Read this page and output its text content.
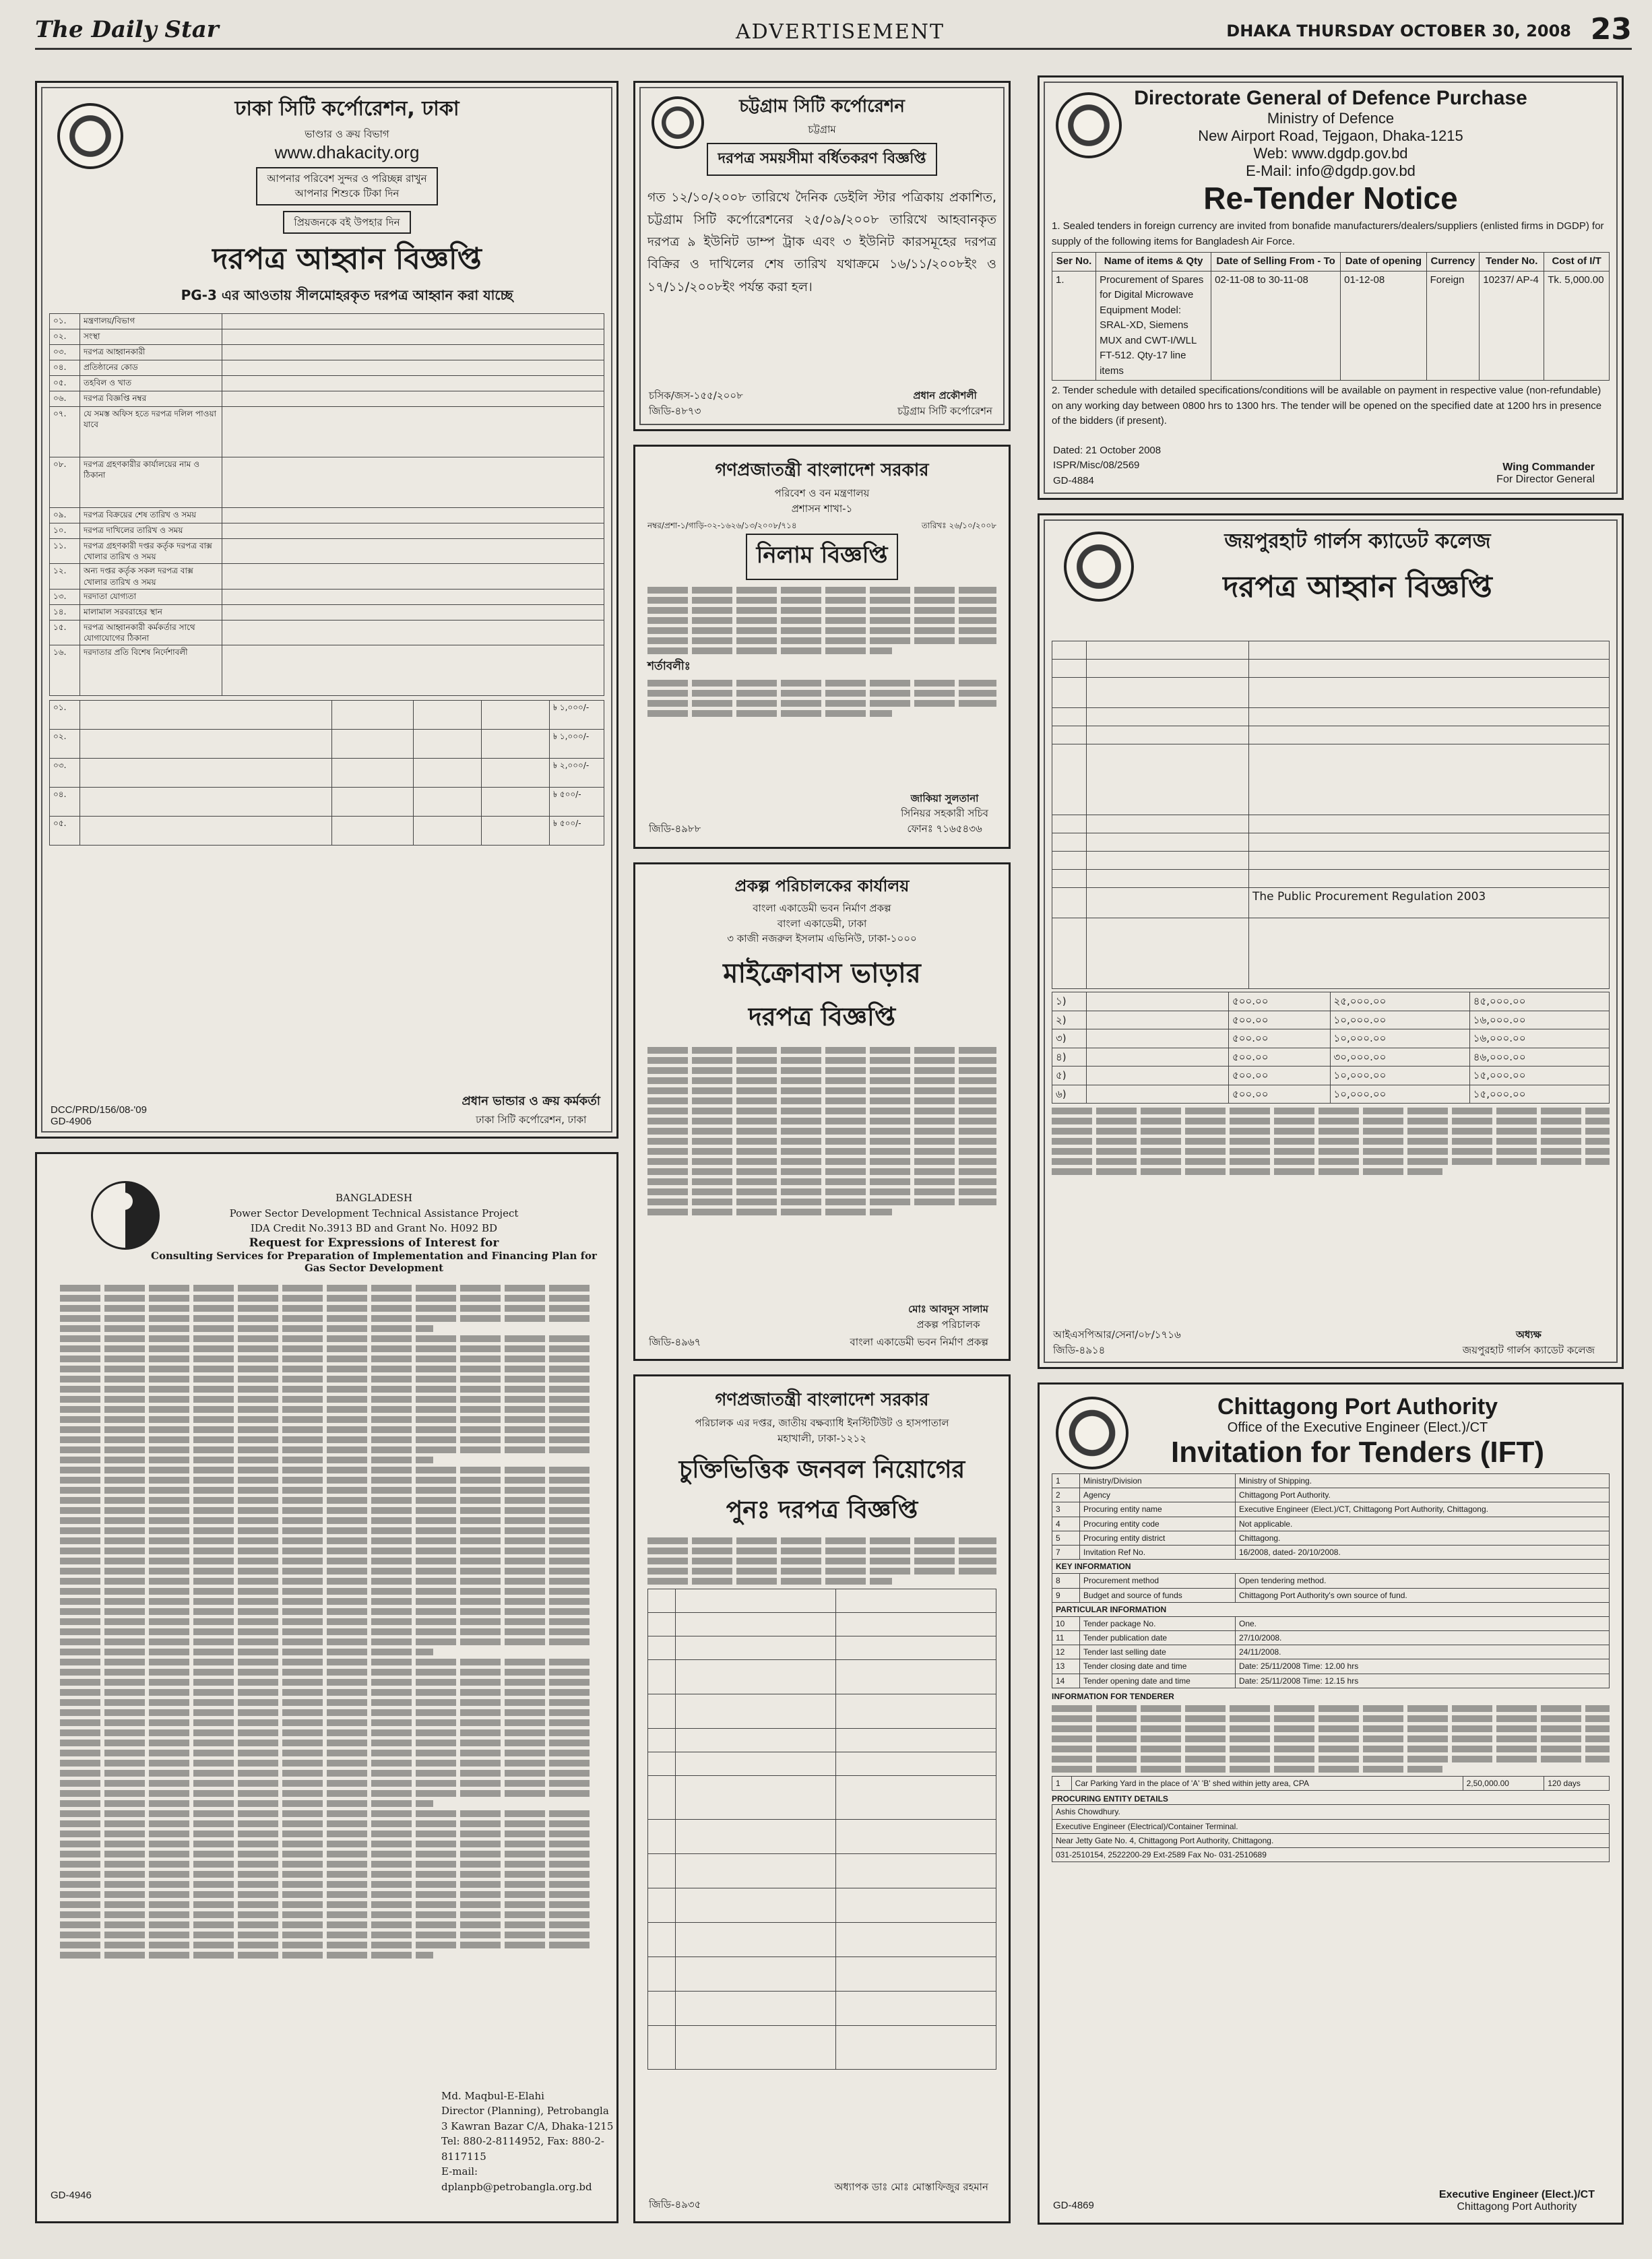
The Daily Star	ADVERTISEMENT	DHAKA THURSDAY OCTOBER 30, 2008 23
ঢাকা সিটি কর্পোরেশন, ঢাকা
ভাণ্ডার ও ক্রয় বিভাগ
www.dhakacity.org
আপনার পরিবেশ সুন্দর ও পরিচ্ছন্ন রাখুন
আপনার শিশুকে টিকা দিন

প্রিয়জনকে বই উপহার দিন
দরপত্র আহ্বান বিজ্ঞপ্তি
PG-3 এর আওতায় সীলমোহরকৃত দরপত্র আহ্বান করা যাচ্ছে
০১.	মন্ত্রণালয়/বিভাগ	
০২.	সংস্থা	
০৩.	দরপত্র আহ্বানকারী	
০৪.	প্রতিষ্ঠানের কোড	
০৫.	তহবিল ও খাত	
০৬.	দরপত্র বিজ্ঞপ্তি নম্বর	
০৭.	যে সমস্ত অফিস হতে দরপত্র দলিল পাওয়া যাবে	
০৮.	দরপত্র গ্রহণকারীর কার্যালয়ের নাম ও ঠিকানা	
০৯.	দরপত্র বিক্রয়ের শেষ তারিখ ও সময়	
১০.	দরপত্র দাখিলের তারিখ ও সময়	
১১.	দরপত্র গ্রহণকারী দপ্তর কর্তৃক দরপত্র বাক্স খোলার তারিখ ও সময়	
১২.	অন্য দপ্তর কর্তৃক সকল দরপত্র বাক্স খোলার তারিখ ও সময়	
১৩.	দরদাতা যোগ্যতা	
১৪.	মালামাল সরবরাহের স্থান	
১৫.	দরপত্র আহ্বানকারী কর্মকর্তার সাথে যোগাযোগের ঠিকানা	
১৬.	দরদাতার প্রতি বিশেষ নির্দেশাবলী	
০১.					৳ ১,০০০/-
০২.					৳ ১,০০০/-
০৩.					৳ ২,০০০/-
০৪.					৳ ৫০০/-
০৫.					৳ ৫০০/-
DCC/PRD/156/08-'09
GD-4906
প্রধান ভান্ডার ও ক্রয় কর্মকর্তা
ঢাকা সিটি কর্পোরেশন, ঢাকা
BANGLADESH
Power Sector Development Technical Assistance Project
IDA Credit No.3913 BD and Grant No. H092 BD
Request for Expressions of Interest for
Consulting Services for Preparation of Implementation and Financing Plan for Gas Sector Development
Md. Maqbul-E-Elahi
Director (Planning), Petrobangla
3 Kawran Bazar C/A, Dhaka-1215
Tel: 880-2-8114952, Fax: 880-2-8117115
E-mail: dplanpb@petrobangla.org.bd
GD-4946
চট্টগ্রাম সিটি কর্পোরেশন
চট্টগ্রাম
দরপত্র সময়সীমা বর্ধিতকরণ বিজ্ঞপ্তি
গত ১২/১০/২০০৮ তারিখে দৈনিক ডেইলি স্টার পত্রিকায় প্রকাশিত, চট্টগ্রাম সিটি কর্পোরেশনের ২৫/০৯/২০০৮ তারিখে আহবানকৃত দরপত্র ৯ ইউনিট ডাম্প ট্রাক এবং ৩ ইউনিট কারসমূহের দরপত্র বিক্রির ও দাখিলের শেষ তারিখ যথাক্রমে ১৬/১১/২০০৮ইং ও ১৭/১১/২০০৮ইং পর্যন্ত করা হল।
চসিক/জস-১৫৫/২০০৮
জিডি-৪৮৭৩
প্রধান প্রকৌশলী
চট্টগ্রাম সিটি কর্পোরেশন
গণপ্রজাতন্ত্রী বাংলাদেশ সরকার
পরিবেশ ও বন মন্ত্রণালয়
প্রশাসন শাখা-১
নম্বর/প্রশা-১/গাড়ি-০২-১৬২৬/১৩/২০০৮/৭১৪	তারিখঃ ২৬/১০/২০০৮
নিলাম বিজ্ঞপ্তি
শর্তাবলীঃ
জাকিয়া সুলতানা
সিনিয়র সহকারী সচিব
ফোনঃ ৭১৬৫৪৩৬
জিডি-৪৯৮৮
প্রকল্প পরিচালকের কার্যালয়
বাংলা একাডেমী ভবন নির্মাণ প্রকল্প
বাংলা একাডেমী, ঢাকা
৩ কাজী নজরুল ইসলাম এভিনিউ, ঢাকা-১০০০
মাইক্রোবাস ভাড়ার
দরপত্র বিজ্ঞপ্তি
মোঃ আবদুস সালাম
প্রকল্প পরিচালক
জিডি-৪৯৬৭	বাংলা একাডেমী ভবন নির্মাণ প্রকল্প
গণপ্রজাতন্ত্রী বাংলাদেশ সরকার
পরিচালক এর দপ্তর, জাতীয় বক্ষব্যাধি ইনস্টিটিউট ও হাসপাতাল
মহাখালী, ঢাকা-১২১২
চুক্তিভিত্তিক জনবল নিয়োগের
পুনঃ দরপত্র বিজ্ঞপ্তি

অধ্যাপক ডাঃ মোঃ মোস্তাফিজুর রহমান
জিডি-৪৯৩৫
Directorate General of Defence Purchase
Ministry of Defence
New Airport Road, Tejgaon, Dhaka-1215
Web: www.dgdp.gov.bd
E-Mail: info@dgdp.gov.bd
Re-Tender Notice
1. Sealed tenders in foreign currency are invited from bonafide manufacturers/dealers/suppliers (enlisted firms in DGDP) for supply of the following items for Bangladesh Air Force.
Ser No.	Name of items & Qty	Date of Selling From - To	Date of opening	Currency	Tender No.	Cost of I/T
1.	Procurement of Spares for Digital Microwave Equipment Model: SRAL-XD, Siemens MUX and CWT-I/WLL FT-512. Qty-17 line items	02-11-08 to 30-11-08	01-12-08	Foreign	10237/ AP-4	Tk. 5,000.00
2. Tender schedule with detailed specifications/conditions will be available on payment in respective value (non-refundable) on any working day between 0800 hrs to 1300 hrs. The tender will be opened on the specified date at 1200 hrs in presence of the bidders (if present).
Dated: 21 October 2008
ISPR/Misc/08/2569
GD-4884
Wing Commander
For Director General
জয়পুরহাট গার্লস ক্যাডেট কলেজ
দরপত্র আহ্বান বিজ্ঞপ্তি

		The Public Procurement Regulation 2003

১)		৫০০.০০	২৫,০০০.০০	৪৫,০০০.০০
২)		৫০০.০০	১০,০০০.০০	১৬,০০০.০০
৩)		৫০০.০০	১০,০০০.০০	১৬,০০০.০০
৪)		৫০০.০০	৩০,০০০.০০	৪৬,০০০.০০
৫)		৫০০.০০	১০,০০০.০০	১৫,০০০.০০
৬)		৫০০.০০	১০,০০০.০০	১৫,০০০.০০
আইএসপিআর/সেনা/০৮/১৭১৬
জিডি-৪৯১৪
অধ্যক্ষ
জয়পুরহাট গার্লস ক্যাডেট কলেজ
Chittagong Port Authority
Office of the Executive Engineer (Elect.)/CT
Invitation for Tenders (IFT)
1	Ministry/Division	Ministry of Shipping.
2	Agency	Chittagong Port Authority.
3	Procuring entity name	Executive Engineer (Elect.)/CT, Chittagong Port Authority, Chittagong.
4	Procuring entity code	Not applicable.
5	Procuring entity district	Chittagong.
7	Invitation Ref No.	16/2008, dated- 20/10/2008.
KEY INFORMATION		
8	Procurement method	Open tendering method.
9	Budget and source of funds	Chittagong Port Authority's own source of fund.
PARTICULAR INFORMATION		
10	Tender package No.	One.
11	Tender publication date	27/10/2008.
12	Tender last selling date	24/11/2008.
13	Tender closing date and time	Date: 25/11/2008 Time: 12.00 hrs
14	Tender opening date and time	Date: 25/11/2008 Time: 12.15 hrs
INFORMATION FOR TENDERER
1	Car Parking Yard in the place of 'A' 'B' shed within jetty area, CPA	2,50,000.00	120 days
PROCURING ENTITY DETAILS
Ashis Chowdhury.
Executive Engineer (Electrical)/Container Terminal.
Near Jetty Gate No. 4, Chittagong Port Authority, Chittagong.
031-2510154, 2522200-29 Ext-2589 Fax No- 031-2510689
GD-4869
Executive Engineer (Elect.)/CT
Chittagong Port Authority
